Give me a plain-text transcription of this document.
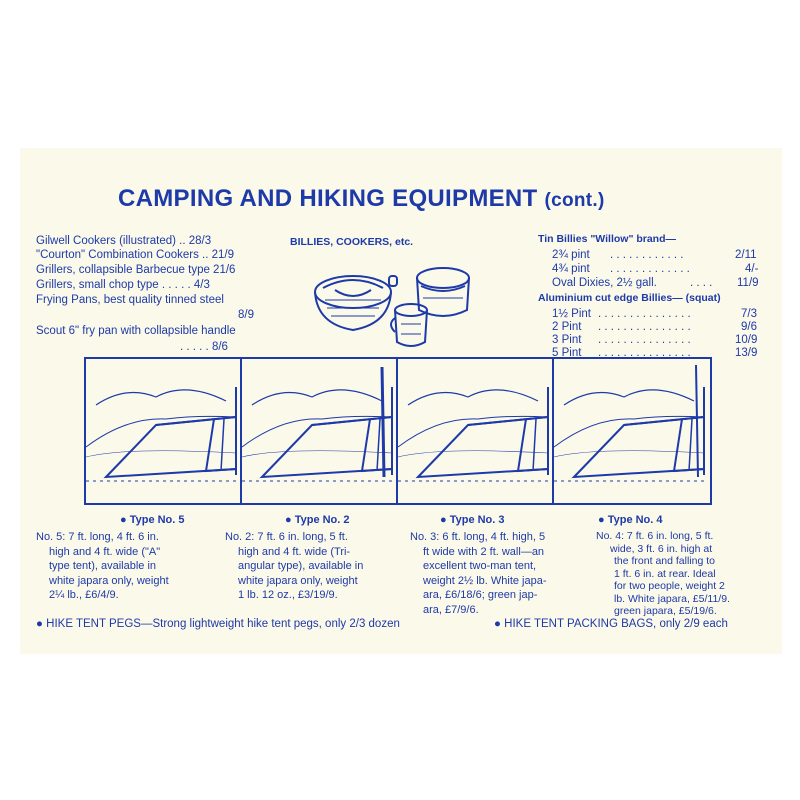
CAMPING AND HIKING EQUIPMENT (cont.)
Gilwell Cookers (illustrated) .. 28/3
"Courton" Combination Cookers .. 21/9
Grillers, collapsible Barbecue type 21/6
Grillers, small chop type . . . . . 4/3
Frying Pans, best quality tinned steel
8/9
Scout 6" fry pan with collapsible handle
. . . . . 8/6
BILLIES, COOKERS, etc.	Tin Billies "Willow" brand—
2¾ pint . . . . . . . . . . . .	2/11
4¾ pint . . . . . . . . . . . . .	4/-
Oval Dixies, 2½ gall.	. . . . 11/9
Aluminium cut edge Billies— (squat)
1½ Pint . . . . . . . . . . . . . . .	7/3
2 Pint . . . . . . . . . . . . . . .	9/6
3 Pint . . . . . . . . . . . . . . .	10/9
5 Pint . . . . . . . . . . . . . . .	13/9
● Type No. 5	● Type No. 2	● Type No. 3	● Type No. 4
No. 5: 7 ft. long, 4 ft. 6 in.
high and 4 ft. wide ("A"
type tent), available in
white japara only, weight
2¼ lb., £6/4/9.
No. 2: 7 ft. 6 in. long, 5 ft.
high and 4 ft. wide (Tri-
angular type), available in
white japara only, weight
1 lb. 12 oz., £3/19/9.
No. 3: 6 ft. long, 4 ft. high, 5
ft wide with 2 ft. wall—an
excellent two-man tent,
weight 2½ lb. White japa-
ara, £6/18/6; green jap-
ara, £7/9/6.
No. 4: 7 ft. 6 in. long, 5 ft.
wide, 3 ft. 6 in. high at
the front and falling to
1 ft. 6 in. at rear. Ideal
for two people, weight 2
lb. White japara, £5/11/9.
green japara, £5/19/6.
● HIKE TENT PEGS—Strong lightweight hike tent pegs, only 2/3 dozen	● HIKE TENT PACKING BAGS, only 2/9 each
